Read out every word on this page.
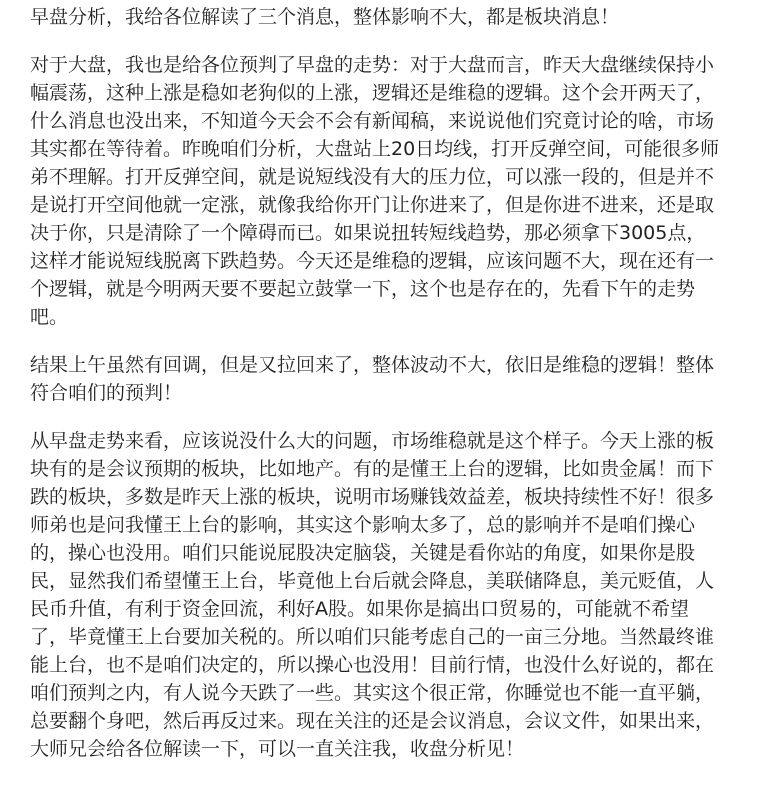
早盘分析，我给各位解读了三个消息，整体影响不大，都是板块消息！

对于大盘，我也是给各位预判了早盘的走势：对于大盘而言，昨天大盘继续保持小幅震荡，这种上涨是稳如老狗似的上涨，逻辑还是维稳的逻辑。这个会开两天了，什么消息也没出来，不知道今天会不会有新闻稿，来说说他们究竟讨论的啥，市场其实都在等待着。昨晚咱们分析，大盘站上20日均线，打开反弹空间，可能很多师弟不理解。打开反弹空间，就是说短线没有大的压力位，可以涨一段的，但是并不是说打开空间他就一定涨，就像我给你开门让你进来了，但是你进不进来，还是取决于你，只是清除了一个障碍而已。如果说扭转短线趋势，那必须拿下3005点，这样才能说短线脱离下跌趋势。今天还是维稳的逻辑，应该问题不大，现在还有一个逻辑，就是今明两天要不要起立鼓掌一下，这个也是存在的，先看下午的走势吧。

结果上午虽然有回调，但是又拉回来了，整体波动不大，依旧是维稳的逻辑！整体符合咱们的预判！

从早盘走势来看，应该说没什么大的问题，市场维稳就是这个样子。今天上涨的板块有的是会议预期的板块，比如地产。有的是懂王上台的逻辑，比如贵金属！而下跌的板块，多数是昨天上涨的板块，说明市场赚钱效益差，板块持续性不好！很多师弟也是问我懂王上台的影响，其实这个影响太多了，总的影响并不是咱们操心的，操心也没用。咱们只能说屁股决定脑袋，关键是看你站的角度，如果你是股民，显然我们希望懂王上台，毕竟他上台后就会降息，美联储降息，美元贬值，人民币升值，有利于资金回流，利好A股。如果你是搞出口贸易的，可能就不希望了，毕竟懂王上台要加关税的。所以咱们只能考虑自己的一亩三分地。当然最终谁能上台，也不是咱们决定的，所以操心也没用！目前行情，也没什么好说的，都在咱们预判之内，有人说今天跌了一些。其实这个很正常，你睡觉也不能一直平躺，总要翻个身吧，然后再反过来。现在关注的还是会议消息，会议文件，如果出来，大师兄会给各位解读一下，可以一直关注我，收盘分析见！
